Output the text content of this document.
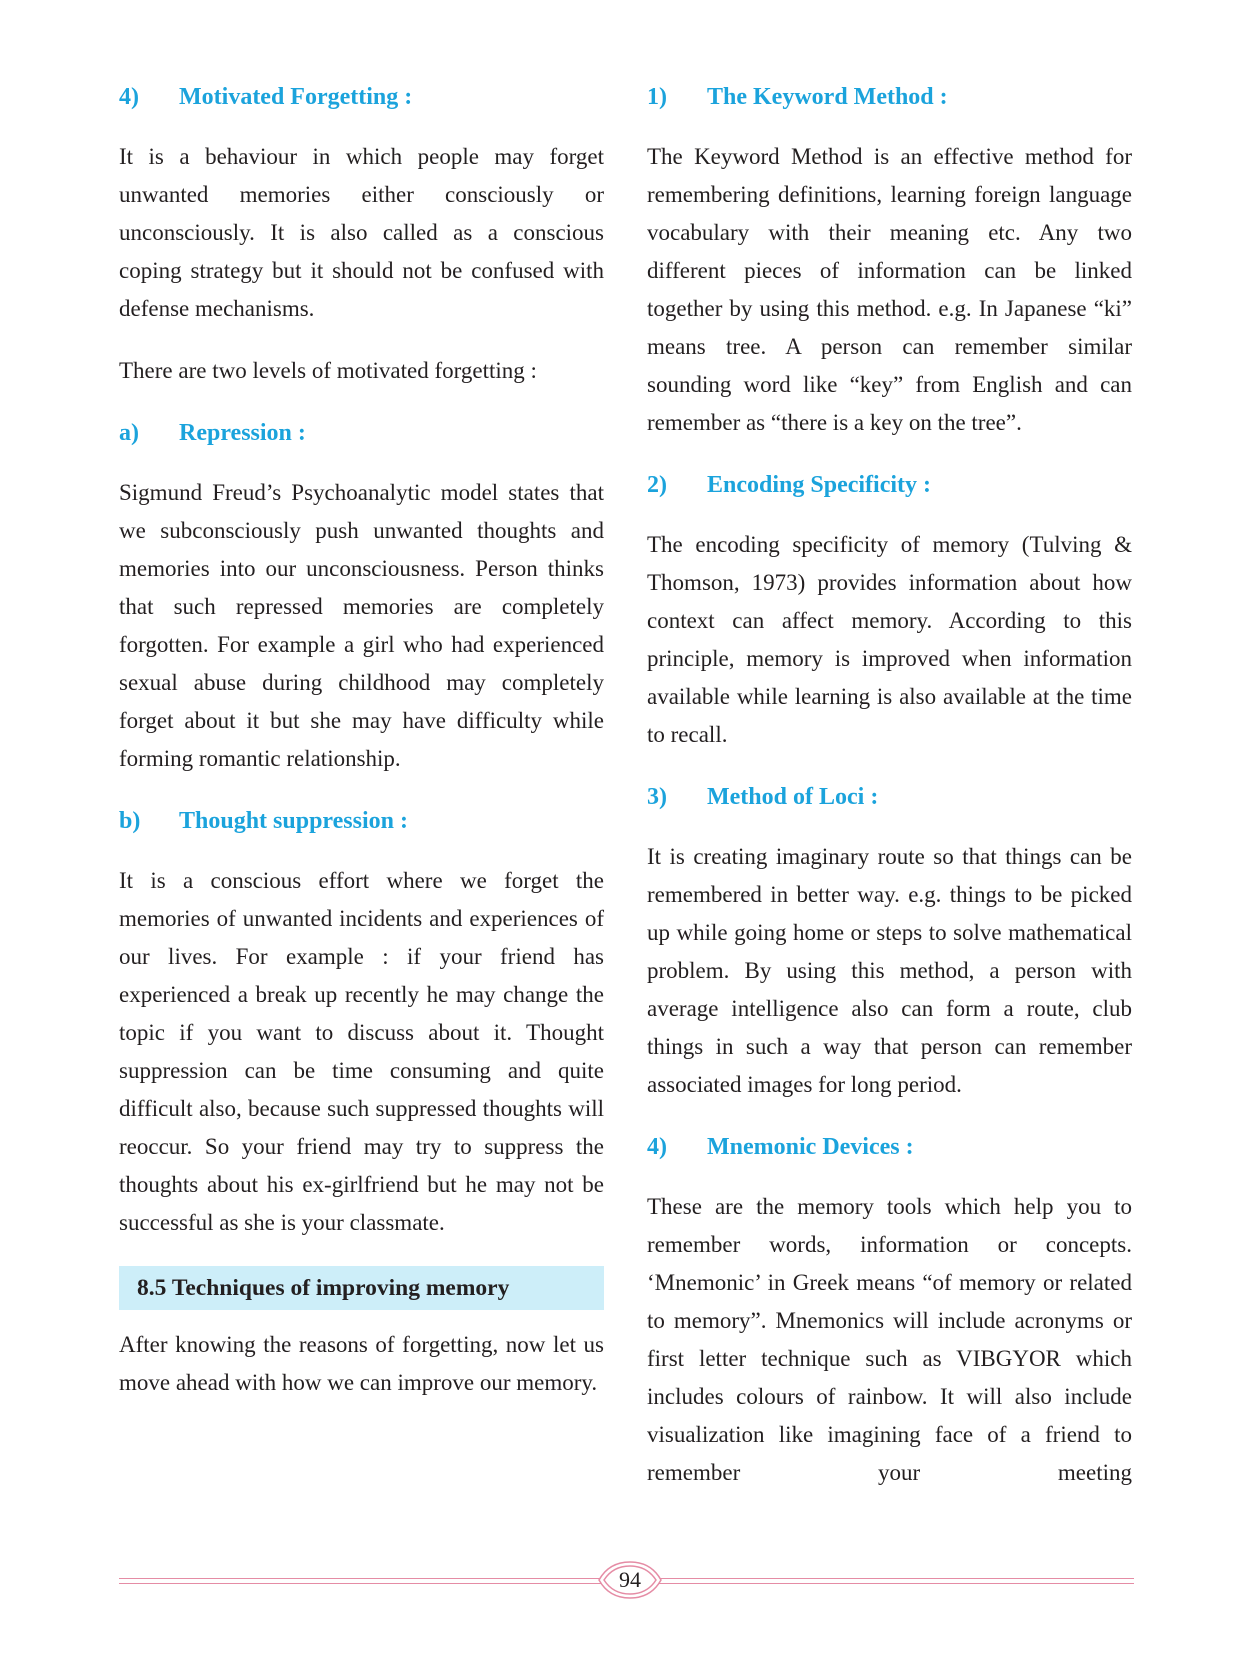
4)	Motivated Forgetting :

It is a behaviour in which people may forget unwanted memories either consciously or unconsciously. It is also called as a conscious coping strategy but it should not be confused with defense mechanisms.

There are two levels of motivated forgetting :

a)	Repression :

Sigmund Freud’s Psychoanalytic model states that we subconsciously push unwanted thoughts and memories into our unconsciousness. Person thinks that such repressed memories are completely forgotten. For example a girl who had experienced sexual abuse during childhood may completely forget about it but she may have difficulty while forming romantic relationship.

b)	Thought suppression :

It is a conscious effort where we forget the memories of unwanted incidents and experiences of our lives. For example : if your friend has experienced a break up recently he may change the topic if you want to discuss about it. Thought suppression can be time consuming and quite difficult also, because such suppressed thoughts will reoccur. So your friend may try to suppress the thoughts about his ex-girlfriend but he may not be successful as she is your classmate.

8.5 Techniques of improving memory

After knowing the reasons of forgetting, now let us move ahead with how we can improve our memory.

1)	The Keyword Method :

The Keyword Method is an effective method for remembering definitions, learning foreign language vocabulary with their meaning etc. Any two different pieces of information can be linked together by using this method. e.g. In Japanese “ki” means tree. A person can remember similar sounding word like “key” from English and can remember as “there is a key on the tree”.

2)	Encoding Specificity :

The encoding specificity of memory (Tulving & Thomson, 1973) provides information about how context can affect memory. According to this principle, memory is improved when information available while learning is also available at the time to recall.

3)	Method of Loci :

It is creating imaginary route so that things can be remembered in better way. e.g. things to be picked up while going home or steps to solve mathematical problem. By using this method, a person with average intelligence also can form a route, club things in such a way that person can remember associated images for long period.

4)	Mnemonic Devices :

These are the memory tools which help you to remember words, information or concepts. ‘Mnemonic’ in Greek means “of memory or related to memory”. Mnemonics will include acronyms or first letter technique such as VIBGYOR which includes colours of rainbow. It will also include visualization like imagining face of a friend to remember your meeting

94
